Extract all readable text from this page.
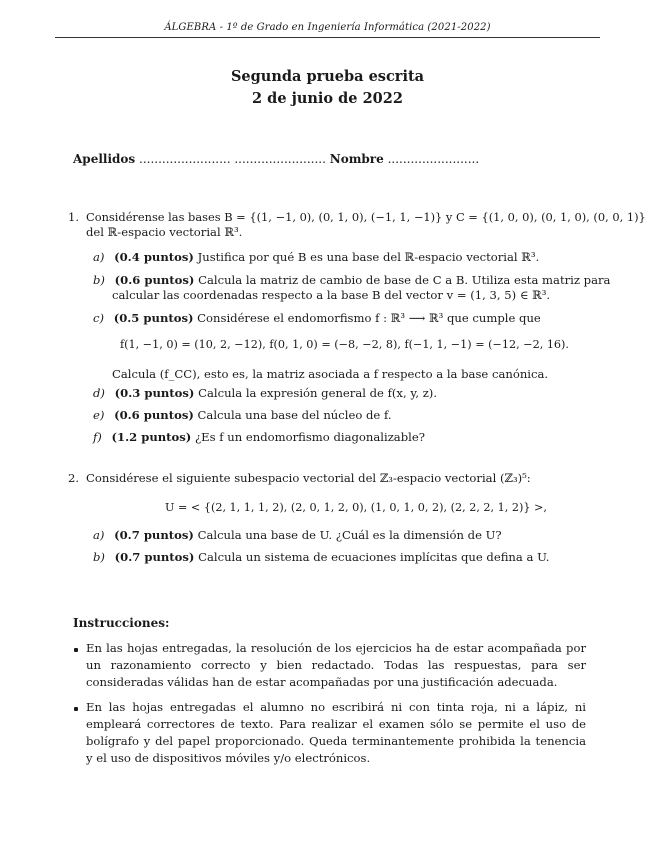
ÁLGEBRA - 1º de Grado en Ingeniería Informática (2021-2022)
Segunda prueba escrita
2 de junio de 2022
Apellidos ........................ ........................ Nombre ........................
1. Considérense las bases B = {(1, −1, 0), (0, 1, 0), (−1, 1, −1)} y C = {(1, 0, 0), (0, 1, 0), (0, 0, 1)}
del ℝ-espacio vectorial ℝ³.
a) (0.4 puntos) Justifica por qué B es una base del ℝ-espacio vectorial ℝ³.
b) (0.6 puntos) Calcula la matriz de cambio de base de C a B. Utiliza esta matriz para
calcular las coordenadas respecto a la base B del vector v = (1, 3, 5) ∈ ℝ³.
c) (0.5 puntos) Considérese el endomorfismo f : ℝ³ ⟶ ℝ³ que cumple que
f(1, −1, 0) = (10, 2, −12), f(0, 1, 0) = (−8, −2, 8), f(−1, 1, −1) = (−12, −2, 16).
Calcula (f_CC), esto es, la matriz asociada a f respecto a la base canónica.
d) (0.3 puntos) Calcula la expresión general de f(x, y, z).
e) (0.6 puntos) Calcula una base del núcleo de f.
f) (1.2 puntos) ¿Es f un endomorfismo diagonalizable?
2. Considérese el siguiente subespacio vectorial del ℤ₃-espacio vectorial (ℤ₃)⁵:
U = < {(2, 1, 1, 1, 2), (2, 0, 1, 2, 0), (1, 0, 1, 0, 2), (2, 2, 2, 1, 2)} >,
a) (0.7 puntos) Calcula una base de U. ¿Cuál es la dimensión de U?
b) (0.7 puntos) Calcula un sistema de ecuaciones implícitas que defina a U.
Instrucciones:
En las hojas entregadas, la resolución de los ejercicios ha de estar acompañada por un razonamiento correcto y bien redactado. Todas las respuestas, para ser consideradas válidas han de estar acompañadas por una justificación adecuada.
En las hojas entregadas el alumno no escribirá ni con tinta roja, ni a lápiz, ni empleará correctores de texto. Para realizar el examen sólo se permite el uso de bolígrafo y del papel proporcionado. Queda terminantemente prohibida la tenencia y el uso de dispositivos móviles y/o electrónicos.
